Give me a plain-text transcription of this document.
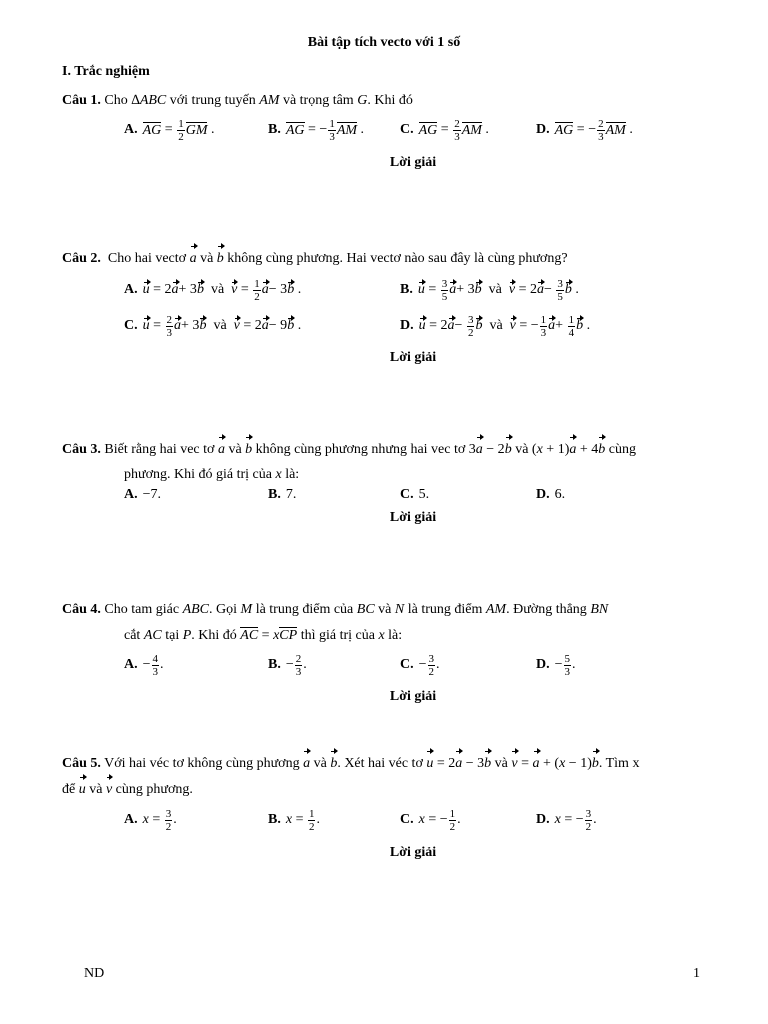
Bài tập tích vecto với 1 số
I. Trắc nghiệm
Câu 1. Cho ∆ABC với trung tuyến AM và trọng tâm G. Khi đó
A. AG = 1
2 GM .	B. AG = − 1
3 AM .	C. AG = 2
3 AM .	D. AG = − 2
3 AM .
Lời giải
Câu 2. Cho hai vectơ a và b không cùng phương. Hai vectơ nào sau đây là cùng phương?
A. u = 2 a + 3 b
và
v = 1
2 a − 3 b .	B. u = 3
5 a + 3 b
và
v = 2 a − 3
5 b .
C. u = 2
3 a + 3 b
và
v = 2 a − 9 b .	D. u = 2 a − 3
2 b
và
v = − 1
3 a + 1
4 b .
Lời giải
Câu 3. Biết rằng hai vec tơ a và b không cùng phương nhưng hai vec tơ 3a − 2b và (x + 1)a + 4b cùng
phương. Khi đó giá trị của x là:
A. −7.	B. 7.	C. 5.	D. 6.
Lời giải
Câu 4. Cho tam giác ABC. Gọi M là trung điểm của BC và N là trung điểm AM. Đường thẳng BN
cắt AC tại P. Khi đó AC = xCP thì giá trị của x là:
A. − 4
3 .	B. − 2
3 .	C. − 3
2 .	D. − 5
3 .
Lời giải
Câu 5. Với hai véc tơ không cùng phương a và b. Xét hai véc tơ u = 2a − 3b và v = a + (x − 1)b. Tìm x
để u và v cùng phương.
A. x = 3
2 .	B. x = 1
2 .	C. x = − 1
2 .	D. x = − 3
2 .
Lời giải
ND	1
